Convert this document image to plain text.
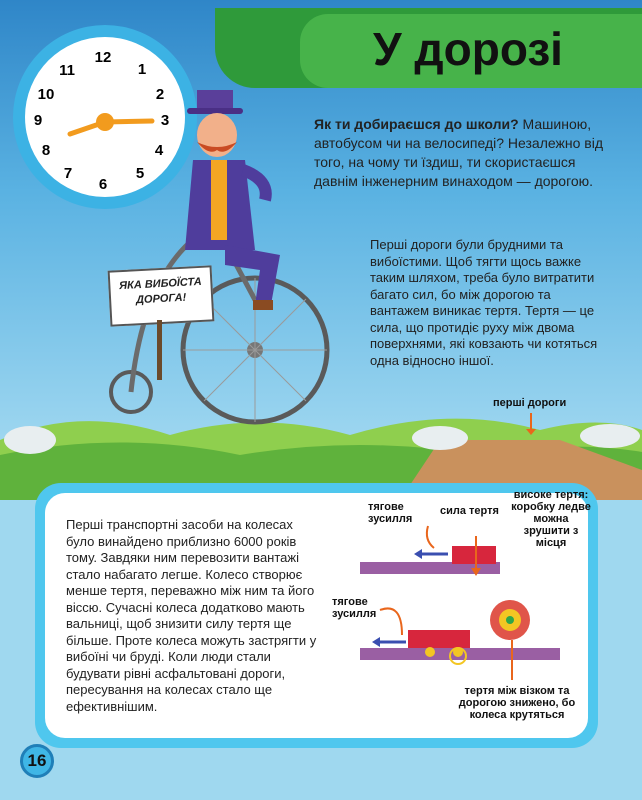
У дорозі
12
1
2
3
4
5
6
7
8
9
10
11
ЯКА ВИБОЇСТА ДОРОГА!
Як ти добираєшся до школи? Машиною, автобусом чи на велосипеді? Незалежно від того, на чому ти їздиш, ти скористаєшся давнім інженерним винаходом — дорогою.
Перші дороги були брудними та вибоїстими. Щоб тягти щось важке таким шляхом, треба було витратити багато сил, бо між дорогою та вантажем виникає тертя. Тертя — це сила, що протидіє руху між двома поверхнями, які ковзають чи котяться одна відносно іншої.
перші дороги
Перші транспортні засоби на колесах було винайдено приблизно 6000 років тому. Завдяки ним перевозити вантажі стало набагато легше. Колесо створює менше тертя, переважно між ним та його віссю. Сучасні колеса додатково мають вальниці, щоб знизити силу тертя ще більше. Проте колеса можуть застрягти у вибоїні чи бруді. Коли люди стали будувати рівні асфальтовані дороги, пересування на колесах стало ще ефективнішим.
тягове
зусилля
сила тертя
високе тертя: коробку ледве можна зрушити з місця
тягове
зусилля
тертя між візком та дорогою знижено, бо колеса крутяться
16
